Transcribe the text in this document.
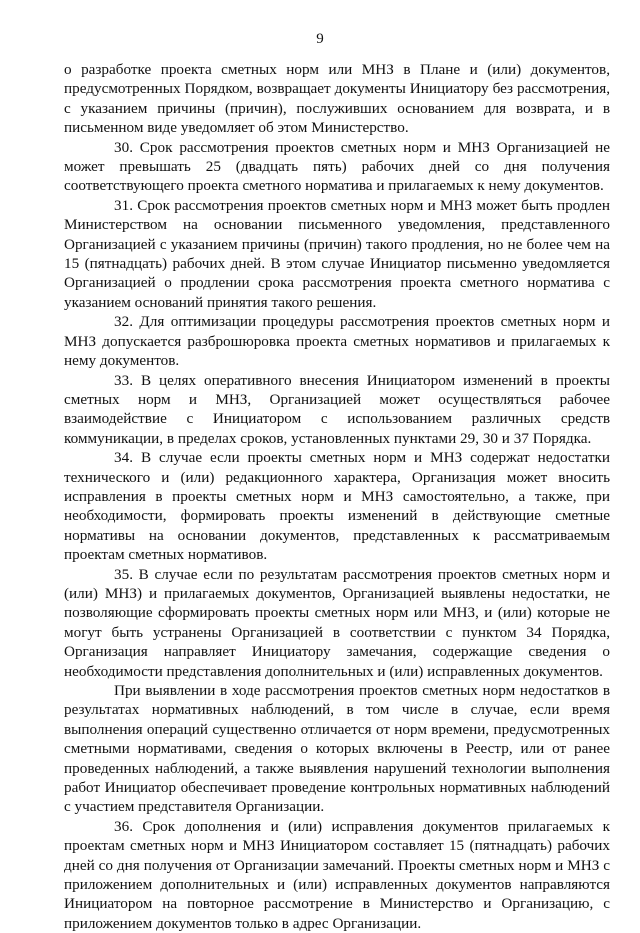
9

о разработке проекта сметных норм или МНЗ в Плане и (или) документов, предусмотренных Порядком, возвращает документы Инициатору без рассмотрения, с указанием причины (причин), послуживших основанием для возврата, и в письменном виде уведомляет об этом Министерство.

30. Срок рассмотрения проектов сметных норм и МНЗ Организацией не может превышать 25 (двадцать пять) рабочих дней со дня получения соответствующего проекта сметного норматива и прилагаемых к нему документов.

31. Срок рассмотрения проектов сметных норм и МНЗ может быть продлен Министерством на основании письменного уведомления, представленного Организацией с указанием причины (причин) такого продления, но не более чем на 15 (пятнадцать) рабочих дней. В этом случае Инициатор письменно уведомляется Организацией о продлении срока рассмотрения проекта сметного норматива с указанием оснований принятия такого решения.

32. Для оптимизации процедуры рассмотрения проектов сметных норм и МНЗ допускается разброшюровка проекта сметных нормативов и прилагаемых к нему документов.

33. В целях оперативного внесения Инициатором изменений в проекты сметных норм и МНЗ, Организацией может осуществляться рабочее взаимодействие с Инициатором с использованием различных средств коммуникации, в пределах сроков, установленных пунктами 29, 30 и 37 Порядка.

34. В случае если проекты сметных норм и МНЗ содержат недостатки технического и (или) редакционного характера, Организация может вносить исправления в проекты сметных норм и МНЗ самостоятельно, а также, при необходимости, формировать проекты изменений в действующие сметные нормативы на основании документов, представленных к рассматриваемым проектам сметных нормативов.

35. В случае если по результатам рассмотрения проектов сметных норм и (или) МНЗ) и прилагаемых документов, Организацией выявлены недостатки, не позволяющие сформировать проекты сметных норм или МНЗ, и (или) которые не могут быть устранены Организацией в соответствии с пунктом 34 Порядка, Организация направляет Инициатору замечания, содержащие сведения о необходимости представления дополнительных и (или) исправленных документов.

При выявлении в ходе рассмотрения проектов сметных норм недостатков в результатах нормативных наблюдений, в том числе в случае, если время выполнения операций существенно отличается от норм времени, предусмотренных сметными нормативами, сведения о которых включены в Реестр, или от ранее проведенных наблюдений, а также выявления нарушений технологии выполнения работ Инициатор обеспечивает проведение контрольных нормативных наблюдений с участием представителя Организации.

36. Срок дополнения и (или) исправления документов прилагаемых к проектам сметных норм и МНЗ Инициатором составляет 15 (пятнадцать) рабочих дней со дня получения от Организации замечаний. Проекты сметных норм и МНЗ с приложением дополнительных и (или) исправленных документов направляются Инициатором на повторное рассмотрение в Министерство и Организацию, с приложением документов только в адрес Организации.
